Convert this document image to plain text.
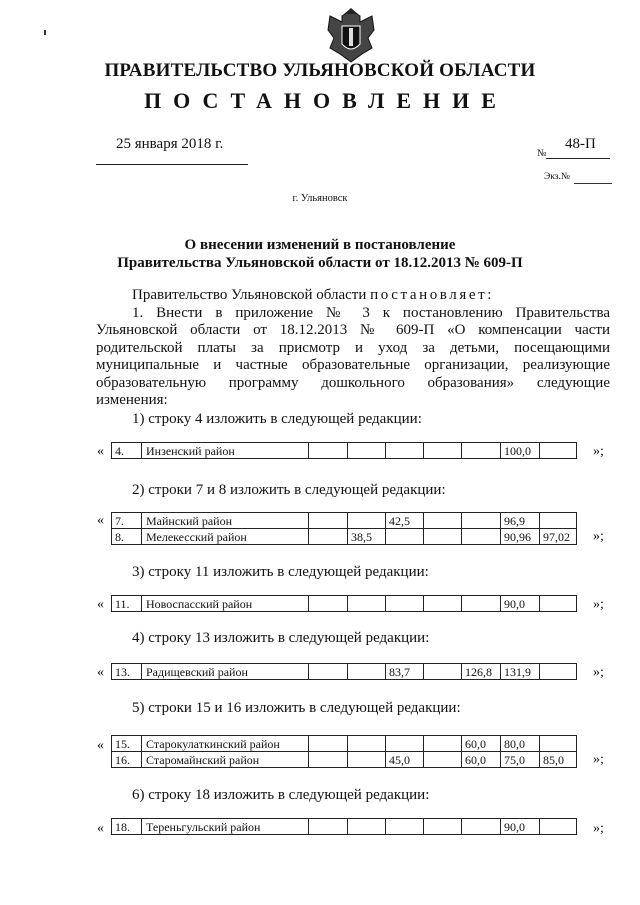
ПРАВИТЕЛЬСТВО УЛЬЯНОВСКОЙ ОБЛАСТИ
ПОСТАНОВЛЕНИЕ
25 января 2018 г.
№
48-П
Экз.№
г. Ульяновск
О внесении изменений в постановление
Правительства Ульяновской области от 18.12.2013 № 609-П
Правительство Ульяновской области постановляет:
1. Внести в приложение № 3 к постановлению Правительства
Ульяновской области от 18.12.2013 № 609-П «О компенсации части
родительской платы за присмотр и уход за детьми, посещающими
муниципальные и частные образовательные организации, реализующие
образовательную программу дошкольного образования» следующие
изменения:
1) строку 4 изложить в следующей редакции:
« 4.	Инзенский район						100,0		»;
2) строки 7 и 8 изложить в следующей редакции:
« 7.	Майнский район			42,5			96,9	
8.	Мелекесский район		38,5				90,96	97,02 »;
3) строку 11 изложить в следующей редакции:
« 11.	Новоспасский район						90,0		»;
4) строку 13 изложить в следующей редакции:
« 13.	Радищевский район			83,7		126,8	131,9		»;
5) строки 15 и 16 изложить в следующей редакции:
« 15.	Старокулаткинский район					60,0	80,0	
16.	Старомайнский район			45,0		60,0	75,0	85,0 »;
6) строку 18 изложить в следующей редакции:
« 18.	Тереньгульский район						90,0		»;
